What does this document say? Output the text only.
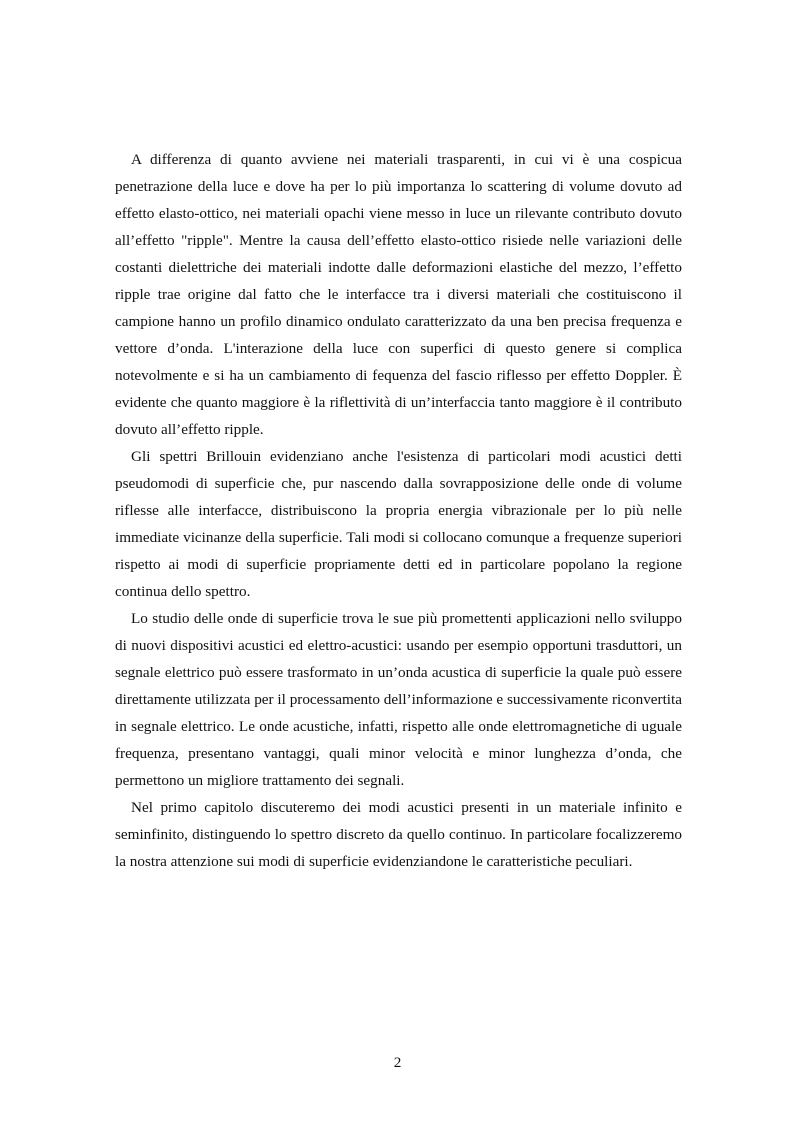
A differenza di quanto avviene nei materiali trasparenti, in cui vi è una cospicua penetrazione della luce e dove ha per lo più importanza lo scattering di volume dovuto ad effetto elasto-ottico, nei materiali opachi viene messo in luce un rilevante contributo dovuto all’effetto "ripple". Mentre la causa dell’effetto elasto-ottico risiede nelle variazioni delle costanti dielettriche dei materiali indotte dalle deformazioni elastiche del mezzo, l’effetto ripple trae origine dal fatto che le interfacce tra i diversi materiali che costituiscono il campione hanno un profilo dinamico ondulato caratterizzato da una ben precisa frequenza e vettore d’onda. L'interazione della luce con superfici di questo genere si complica notevolmente e si ha un cambiamento di fequenza del fascio riflesso per effetto Doppler. È evidente che quanto maggiore è la riflettività di un’interfaccia tanto maggiore è il contributo dovuto all’effetto ripple.

Gli spettri Brillouin evidenziano anche l'esistenza di particolari modi acustici detti pseudomodi di superficie che, pur nascendo dalla sovrapposizione delle onde di volume riflesse alle interfacce, distribuiscono la propria energia vibrazionale per lo più nelle immediate vicinanze della superficie. Tali modi si collocano comunque a frequenze superiori rispetto ai modi di superficie propriamente detti ed in particolare popolano la regione continua dello spettro.

Lo studio delle onde di superficie trova le sue più promettenti applicazioni nello sviluppo di nuovi dispositivi acustici ed elettro-acustici: usando per esempio opportuni trasduttori, un segnale elettrico può essere trasformato in un’onda acustica di superficie la quale può essere direttamente utilizzata per il processamento dell’informazione e successivamente riconvertita in segnale elettrico. Le onde acustiche, infatti, rispetto alle onde elettromagnetiche di uguale frequenza, presentano vantaggi, quali minor velocità e minor lunghezza d’onda, che permettono un migliore trattamento dei segnali.

Nel primo capitolo discuteremo dei modi acustici presenti in un materiale infinito e seminfinito, distinguendo lo spettro discreto da quello continuo. In particolare focalizzeremo la nostra attenzione sui modi di superficie evidenziandone le caratteristiche peculiari.

2
